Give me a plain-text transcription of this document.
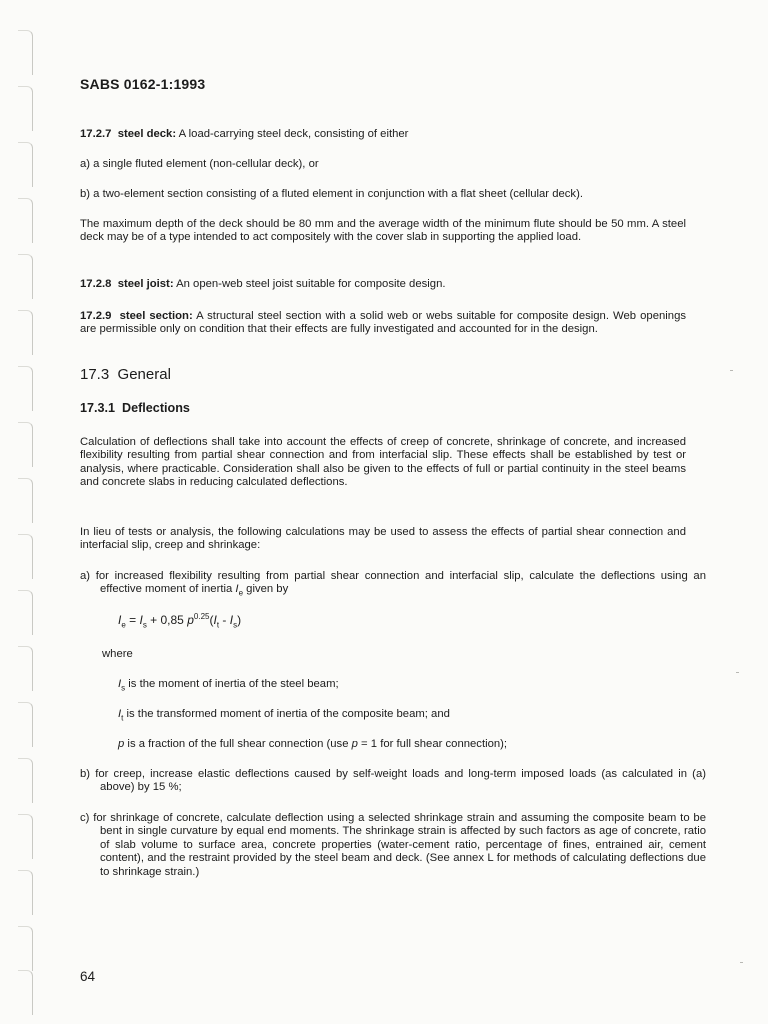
SABS 0162-1:1993

17.2.7 steel deck: A load-carrying steel deck, consisting of either

a) a single fluted element (non-cellular deck), or

b) a two-element section consisting of a fluted element in conjunction with a flat sheet (cellular deck).

The maximum depth of the deck should be 80 mm and the average width of the minimum flute should be 50 mm. A steel deck may be of a type intended to act compositely with the cover slab in supporting the applied load.

17.2.8 steel joist: An open-web steel joist suitable for composite design.

17.2.9 steel section: A structural steel section with a solid web or webs suitable for composite design. Web openings are permissible only on condition that their effects are fully investigated and accounted for in the design.

17.3 General

17.3.1 Deflections

Calculation of deflections shall take into account the effects of creep of concrete, shrinkage of concrete, and increased flexibility resulting from partial shear connection and from interfacial slip. These effects shall be established by test or analysis, where practicable. Consideration shall also be given to the effects of full or partial continuity in the steel beams and concrete slabs in reducing calculated deflections.

In lieu of tests or analysis, the following calculations may be used to assess the effects of partial shear connection and interfacial slip, creep and shrinkage:

a) for increased flexibility resulting from partial shear connection and interfacial slip, calculate the deflections using an effective moment of inertia $I_e$ given by

$I_e = I_s + 0,85$ $p^{0.25}(I_t - I_s)$

where

$I_s$ is the moment of inertia of the steel beam;

$I_t$ is the transformed moment of inertia of the composite beam; and

p is a fraction of the full shear connection (use p = 1 for full shear connection);

b) for creep, increase elastic deflections caused by self-weight loads and long-term imposed loads (as calculated in (a) above) by 15 %;

c) for shrinkage of concrete, calculate deflection using a selected shrinkage strain and assuming the composite beam to be bent in single curvature by equal end moments. The shrinkage strain is affected by such factors as age of concrete, ratio of slab volume to surface area, concrete properties (water-cement ratio, percentage of fines, entrained air, cement content), and the restraint provided by the steel beam and deck. (See annex L for methods of calculating deflections due to shrinkage strain.)

64
